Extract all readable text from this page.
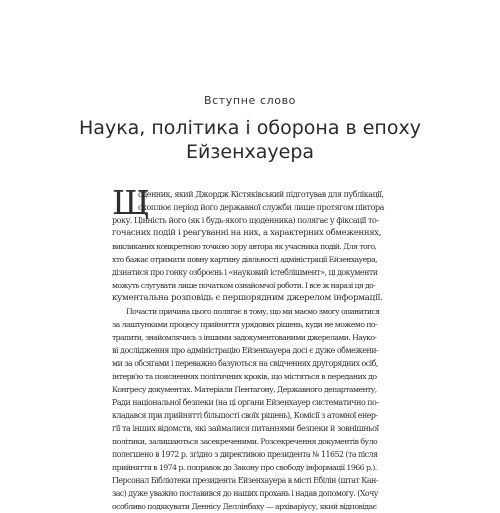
Вступне слово
Наука, політика і оборона в епоху
Ейзенхауера
Щ
оденник, який Джордж Кістяківський підготував для публікації,
охоплює період його державної служби лише протягом півтора
року. Цінність його (як і будь-якого щоденника) полягає у фіксації то-
гочасних подій і реагуванні на них, а характерних обмеженнях,
викликаних конкретною точкою зору автора як учасника подій. Для того,
хто бажає отримати повну картину діяльності адміністрації Ейзенхауера,
дізнатися про гонку озброєнь і «науковий істеблішмент», ці документи
можуть слугувати лише початком ознайомчої роботи. І все ж наразі ця до-
кументальна розповідь є першорядним джерелом інформації.
Почасти причина цього полягає в тому, що ми маємо змогу опинитися
за лаштунками процесу прийняття урядових рішень, куди не можемо по-
трапити, знайомлячись з іншими задокументованими джерелами. Науко-
ві дослідження про адміністрацію Ейзенхауера досі є дуже обмежени-
ми за обсягами і переважно базуються на свідченнях другорядних осіб,
інтерв'ю та поясненнях політичних кроків, що містяться в переданих до
Конгресу документах. Матеріали Пентагону, Державного департаменту,
Ради національної безпеки (на ці органи Ейзенхауер систематично по-
кладався при прийнятті більшості своїх рішень), Комісії з атомної енер-
гії та інших відомств, які займалися питаннями безпеки й зовнішньої
політики, залишаються засекреченими. Розсекречення документів було
полегшено в 1972 р. згідно з директивою президента № 11652 (та після
прийняття в 1974 р. поправок до Закону про свободу інформації 1966 р.).
Персонал Бібліотеки президента Ейзенхауера в місті Ебілін (штат Кан-
зас) дуже уважно поставився до наших прохань і надав допомогу. (Хочу
особливо подякувати Деннісу Деллінбаху — архіваріусу, який відповідає
